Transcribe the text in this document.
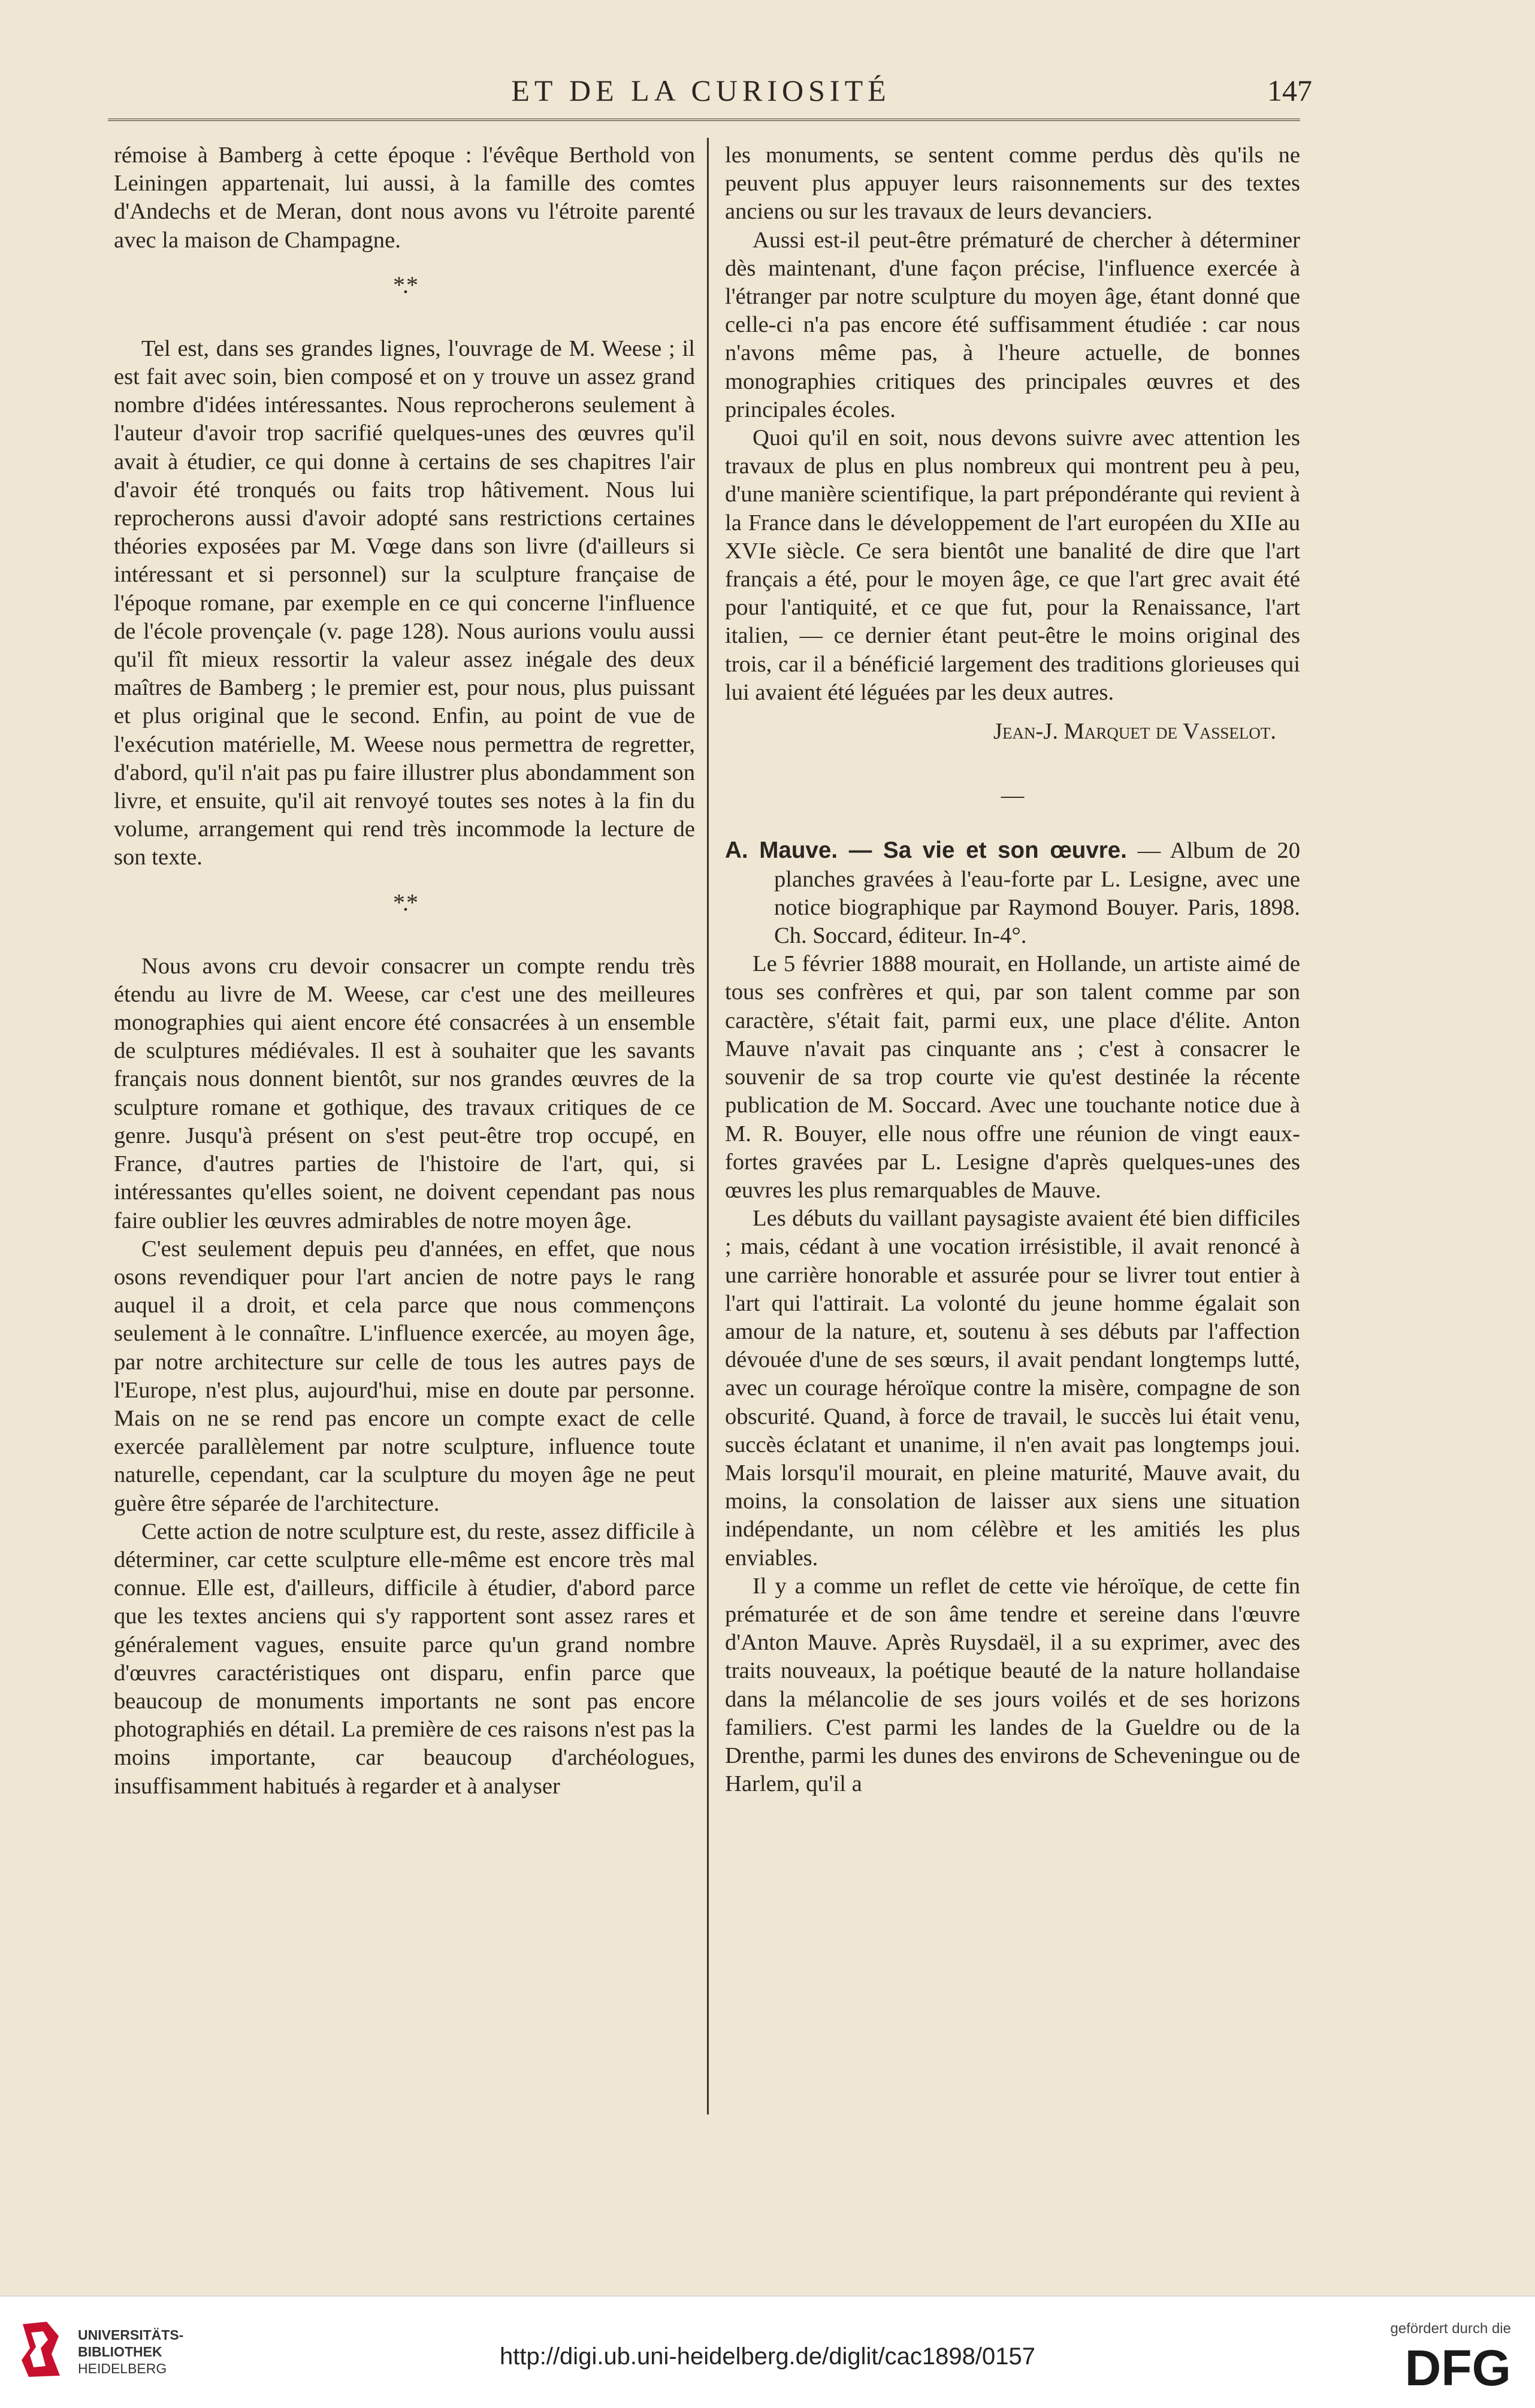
ET DE LA CURIOSITÉ	147

rémoise à Bamberg à cette époque : l'évêque Berthold von Leiningen appartenait, lui aussi, à la famille des comtes d'Andechs et de Meran, dont nous avons vu l'étroite parenté avec la maison de Champagne.

*.*

Tel est, dans ses grandes lignes, l'ouvrage de M. Weese ; il est fait avec soin, bien composé et on y trouve un assez grand nombre d'idées intéressantes. Nous reprocherons seulement à l'auteur d'avoir trop sacrifié quelques-unes des œuvres qu'il avait à étudier, ce qui donne à certains de ses chapitres l'air d'avoir été tronqués ou faits trop hâtivement. Nous lui reprocherons aussi d'avoir adopté sans restrictions certaines théories exposées par M. Vœge dans son livre (d'ailleurs si intéressant et si personnel) sur la sculpture française de l'époque romane, par exemple en ce qui concerne l'influence de l'école provençale (v. page 128). Nous aurions voulu aussi qu'il fît mieux ressortir la valeur assez inégale des deux maîtres de Bamberg ; le premier est, pour nous, plus puissant et plus original que le second. Enfin, au point de vue de l'exécution matérielle, M. Weese nous permettra de regretter, d'abord, qu'il n'ait pas pu faire illustrer plus abondamment son livre, et ensuite, qu'il ait renvoyé toutes ses notes à la fin du volume, arrangement qui rend très incommode la lecture de son texte.

*.*

Nous avons cru devoir consacrer un compte rendu très étendu au livre de M. Weese, car c'est une des meilleures monographies qui aient encore été consacrées à un ensemble de sculptures médiévales. Il est à souhaiter que les savants français nous donnent bientôt, sur nos grandes œuvres de la sculpture romane et gothique, des travaux critiques de ce genre. Jusqu'à présent on s'est peut-être trop occupé, en France, d'autres parties de l'histoire de l'art, qui, si intéressantes qu'elles soient, ne doivent cependant pas nous faire oublier les œuvres admirables de notre moyen âge.

C'est seulement depuis peu d'années, en effet, que nous osons revendiquer pour l'art ancien de notre pays le rang auquel il a droit, et cela parce que nous commençons seulement à le connaître. L'influence exercée, au moyen âge, par notre architecture sur celle de tous les autres pays de l'Europe, n'est plus, aujourd'hui, mise en doute par personne. Mais on ne se rend pas encore un compte exact de celle exercée parallèlement par notre sculpture, influence toute naturelle, cependant, car la sculpture du moyen âge ne peut guère être séparée de l'architecture.

Cette action de notre sculpture est, du reste, assez difficile à déterminer, car cette sculpture elle-même est encore très mal connue. Elle est, d'ailleurs, difficile à étudier, d'abord parce que les textes anciens qui s'y rapportent sont assez rares et généralement vagues, ensuite parce qu'un grand nombre d'œuvres caractéristiques ont disparu, enfin parce que beaucoup de monuments importants ne sont pas encore photographiés en détail. La première de ces raisons n'est pas la moins importante, car beaucoup d'archéologues, insuffisamment habitués à regarder et à analyser

les monuments, se sentent comme perdus dès qu'ils ne peuvent plus appuyer leurs raisonnements sur des textes anciens ou sur les travaux de leurs devanciers.

Aussi est-il peut-être prématuré de chercher à déterminer dès maintenant, d'une façon précise, l'influence exercée à l'étranger par notre sculpture du moyen âge, étant donné que celle-ci n'a pas encore été suffisamment étudiée : car nous n'avons même pas, à l'heure actuelle, de bonnes monographies critiques des principales œuvres et des principales écoles.

Quoi qu'il en soit, nous devons suivre avec attention les travaux de plus en plus nombreux qui montrent peu à peu, d'une manière scientifique, la part prépondérante qui revient à la France dans le développement de l'art européen du XIIe au XVIe siècle. Ce sera bientôt une banalité de dire que l'art français a été, pour le moyen âge, ce que l'art grec avait été pour l'antiquité, et ce que fut, pour la Renaissance, l'art italien, — ce dernier étant peut-être le moins original des trois, car il a bénéficié largement des traditions glorieuses qui lui avaient été léguées par les deux autres.

Jean-J. Marquet de Vasselot.
—

A. Mauve. — Sa vie et son œuvre. — Album de 20 planches gravées à l'eau-forte par L. Lesigne, avec une notice biographique par Raymond Bouyer. Paris, 1898. Ch. Soccard, éditeur. In-4°.

Le 5 février 1888 mourait, en Hollande, un artiste aimé de tous ses confrères et qui, par son talent comme par son caractère, s'était fait, parmi eux, une place d'élite. Anton Mauve n'avait pas cinquante ans ; c'est à consacrer le souvenir de sa trop courte vie qu'est destinée la récente publication de M. Soccard. Avec une touchante notice due à M. R. Bouyer, elle nous offre une réunion de vingt eaux-fortes gravées par L. Lesigne d'après quelques-unes des œuvres les plus remarquables de Mauve.

Les débuts du vaillant paysagiste avaient été bien difficiles ; mais, cédant à une vocation irrésistible, il avait renoncé à une carrière honorable et assurée pour se livrer tout entier à l'art qui l'attirait. La volonté du jeune homme égalait son amour de la nature, et, soutenu à ses débuts par l'affection dévouée d'une de ses sœurs, il avait pendant longtemps lutté, avec un courage héroïque contre la misère, compagne de son obscurité. Quand, à force de travail, le succès lui était venu, succès éclatant et unanime, il n'en avait pas longtemps joui. Mais lorsqu'il mourait, en pleine maturité, Mauve avait, du moins, la consolation de laisser aux siens une situation indépendante, un nom célèbre et les amitiés les plus enviables.

Il y a comme un reflet de cette vie héroïque, de cette fin prématurée et de son âme tendre et sereine dans l'œuvre d'Anton Mauve. Après Ruysdaël, il a su exprimer, avec des traits nouveaux, la poétique beauté de la nature hollandaise dans la mélancolie de ses jours voilés et de ses horizons familiers. C'est parmi les landes de la Gueldre ou de la Drenthe, parmi les dunes des environs de Scheveningue ou de Harlem, qu'il a

UNIVERSITÄTS-
BIBLIOTHEK
HEIDELBERG	http://digi.ub.uni-heidelberg.de/diglit/cac1898/0157
gefördert durch die
DFG
